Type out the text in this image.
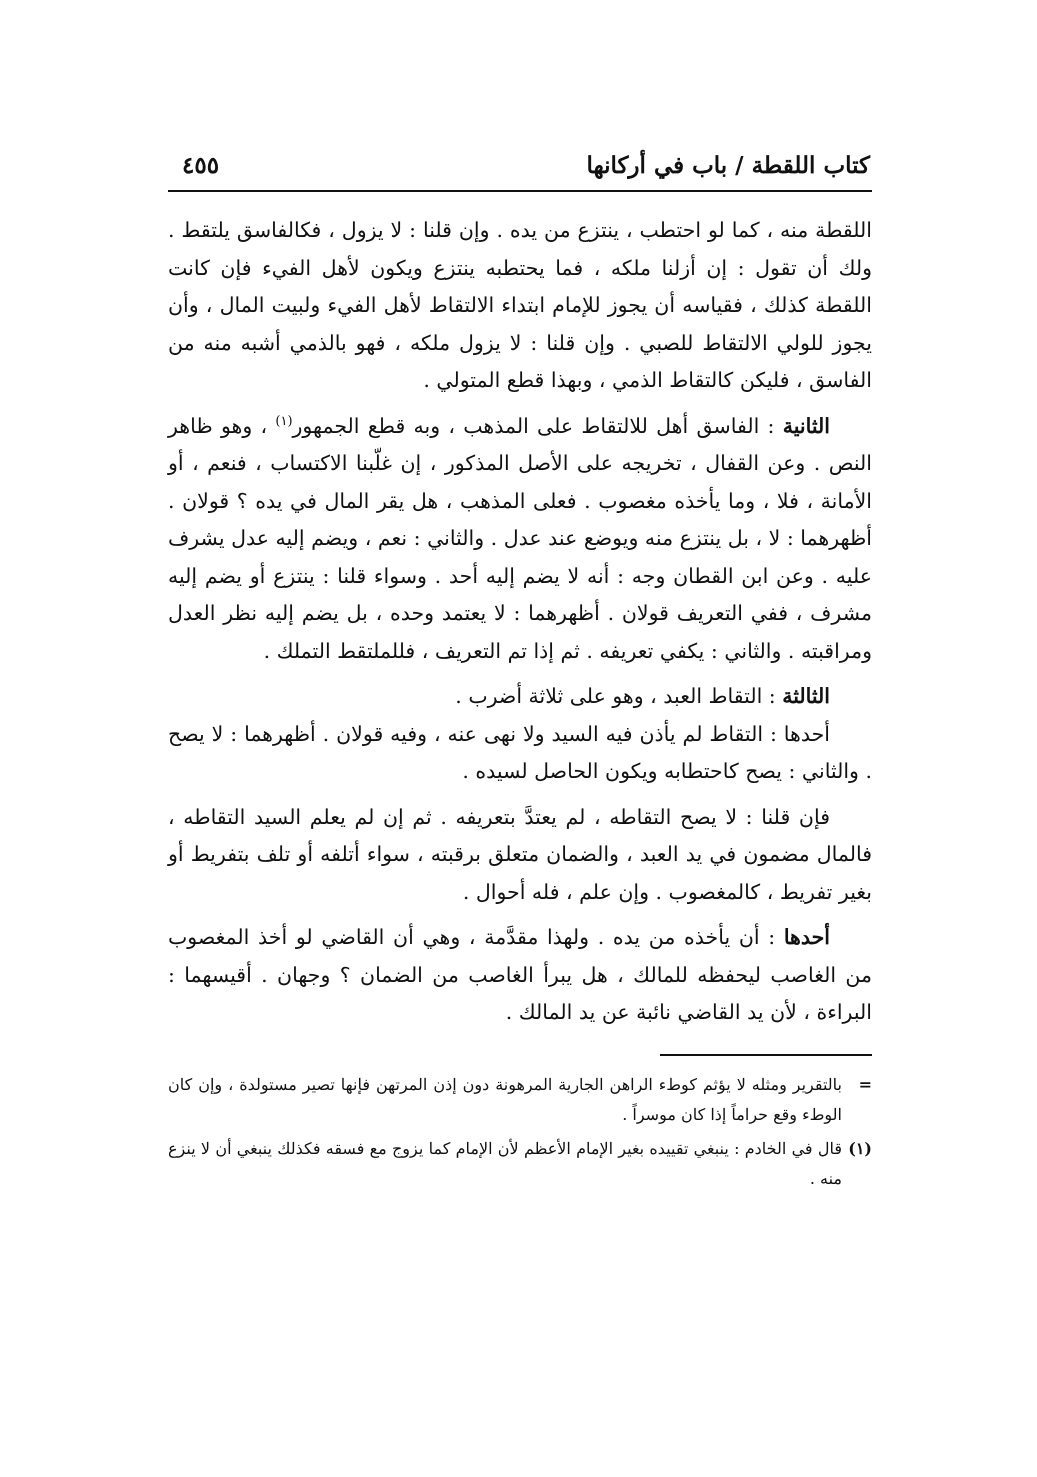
كتاب اللقطة / باب في أركانها
٤٥٥

اللقطة منه ، كما لو احتطب ، ينتزع من يده . وإن قلنا : لا يزول ، فكالفاسق يلتقط . ولك أن تقول : إن أزلنا ملكه ، فما يحتطبه ينتزع ويكون لأهل الفيء فإن كانت اللقطة كذلك ، فقياسه أن يجوز للإمام ابتداء الالتقاط لأهل الفيء ولبيت المال ، وأن يجوز للولي الالتقاط للصبي . وإن قلنا : لا يزول ملكه ، فهو بالذمي أشبه منه من الفاسق ، فليكن كالتقاط الذمي ، وبهذا قطع المتولي .

الثانية : الفاسق أهل للالتقاط على المذهب ، وبه قطع الجمهور$^{(١)}$ ، وهو ظاهر النص . وعن القفال ، تخريجه على الأصل المذكور ، إن غلّبنا الاكتساب ، فنعم ، أو الأمانة ، فلا ، وما يأخذه مغصوب . فعلى المذهب ، هل يقر المال في يده ؟ قولان . أظهرهما : لا ، بل ينتزع منه ويوضع عند عدل . والثاني : نعم ، ويضم إليه عدل يشرف عليه . وعن ابن القطان وجه : أنه لا يضم إليه أحد . وسواء قلنا : ينتزع أو يضم إليه مشرف ، ففي التعريف قولان . أظهرهما : لا يعتمد وحده ، بل يضم إليه نظر العدل ومراقبته . والثاني : يكفي تعريفه . ثم إذا تم التعريف ، فللملتقط التملك .

الثالثة : التقاط العبد ، وهو على ثلاثة أضرب .

أحدها : التقاط لم يأذن فيه السيد ولا نهى عنه ، وفيه قولان . أظهرهما : لا يصح . والثاني : يصح كاحتطابه ويكون الحاصل لسيده .

فإن قلنا : لا يصح التقاطه ، لم يعتدَّ بتعريفه . ثم إن لم يعلم السيد التقاطه ، فالمال مضمون في يد العبد ، والضمان متعلق برقبته ، سواء أتلفه أو تلف بتفريط أو بغير تفريط ، كالمغصوب . وإن علم ، فله أحوال .

أحدها : أن يأخذه من يده . ولهذا مقدَّمة ، وهي أن القاضي لو أخذ المغصوب من الغاصب ليحفظه للمالك ، هل يبرأ الغاصب من الضمان ؟ وجهان . أقيسهما : البراءة ، لأن يد القاضي نائبة عن يد المالك .

=
بالتقرير ومثله لا يؤثم كوطء الراهن الجارية المرهونة دون إذن المرتهن فإنها تصير مستولدة ، وإن كان الوطء وقع حراماً إذا كان موسراً .

(١)
قال في الخادم : ينبغي تقييده بغير الإمام الأعظم لأن الإمام كما يزوج مع فسقه فكذلك ينبغي أن لا ينزع منه .
